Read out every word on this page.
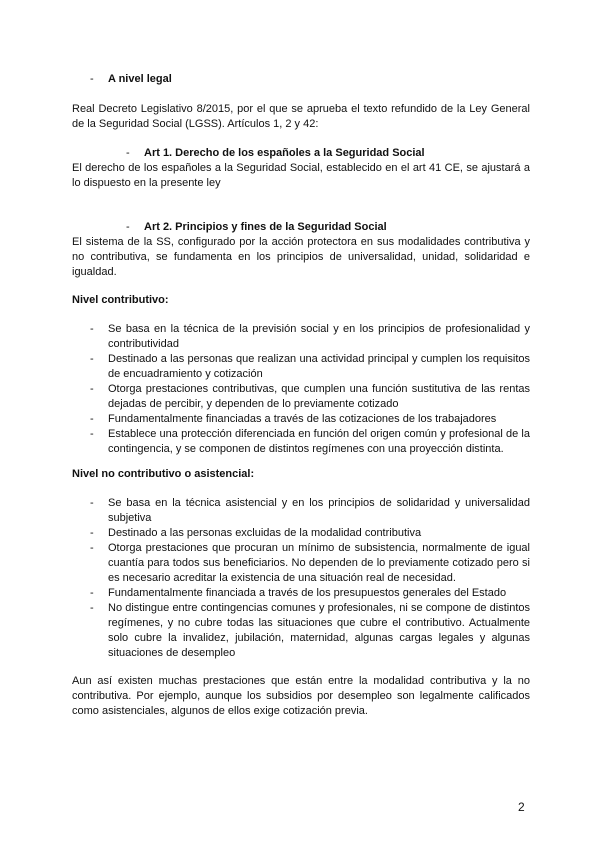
- A nivel legal
Real Decreto Legislativo 8/2015, por el que se aprueba el texto refundido de la Ley General de la Seguridad Social (LGSS). Artículos 1, 2 y 42:
- Art 1. Derecho de los españoles a la Seguridad Social
El derecho de los españoles a la Seguridad Social, establecido en el art 41 CE, se ajustará a lo dispuesto en la presente ley
- Art 2. Principios y fines de la Seguridad Social
El sistema de la SS, configurado por la acción protectora en sus modalidades contributiva y no contributiva, se fundamenta en los principios de universalidad, unidad, solidaridad e igualdad.
Nivel contributivo:
- Se basa en la técnica de la previsión social y en los principios de profesionalidad y contributividad
- Destinado a las personas que realizan una actividad principal y cumplen los requisitos de encuadramiento y cotización
- Otorga prestaciones contributivas, que cumplen una función sustitutiva de las rentas dejadas de percibir, y dependen de lo previamente cotizado
- Fundamentalmente financiadas a través de las cotizaciones de los trabajadores
- Establece una protección diferenciada en función del origen común y profesional de la contingencia, y se componen de distintos regímenes con una proyección distinta.
Nivel no contributivo o asistencial:
- Se basa en la técnica asistencial y en los principios de solidaridad y universalidad subjetiva
- Destinado a las personas excluidas de la modalidad contributiva
- Otorga prestaciones que procuran un mínimo de subsistencia, normalmente de igual cuantía para todos sus beneficiarios. No dependen de lo previamente cotizado pero si es necesario acreditar la existencia de una situación real de necesidad.
- Fundamentalmente financiada a través de los presupuestos generales del Estado
- No distingue entre contingencias comunes y profesionales, ni se compone de distintos regímenes, y no cubre todas las situaciones que cubre el contributivo. Actualmente solo cubre la invalidez, jubilación, maternidad, algunas cargas legales y algunas situaciones de desempleo
Aun así existen muchas prestaciones que están entre la modalidad contributiva y la no contributiva. Por ejemplo, aunque los subsidios por desempleo son legalmente calificados como asistenciales, algunos de ellos exige cotización previa.
2
